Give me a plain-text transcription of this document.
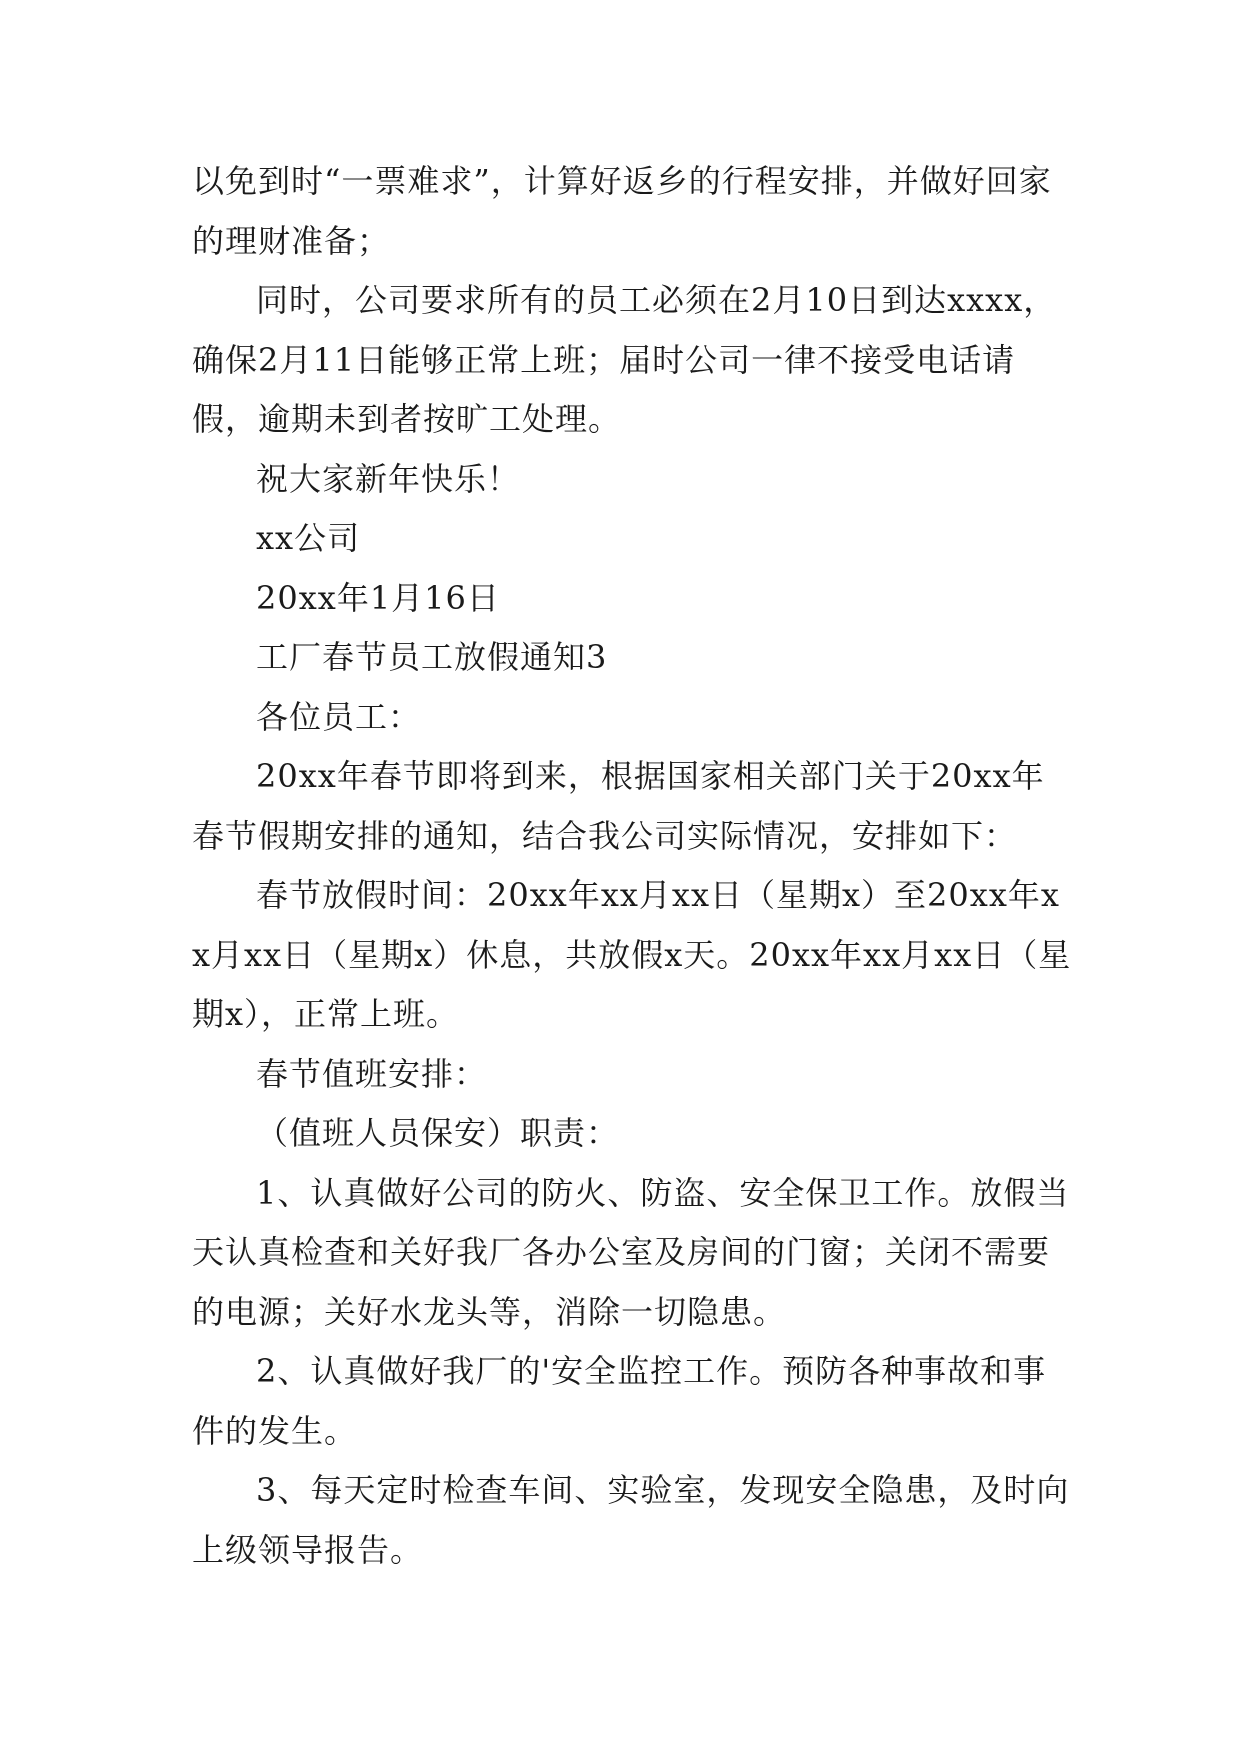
以免到时“一票难求”，计算好返乡的行程安排，并做好回家的理财准备；

同时，公司要求所有的员工必须在2月10日到达xxxx，确保2月11日能够正常上班；届时公司一律不接受电话请假，逾期未到者按旷工处理。

祝大家新年快乐！

xx公司

20xx年1月16日

工厂春节员工放假通知3

各位员工：

20xx年春节即将到来，根据国家相关部门关于20xx年春节假期安排的通知，结合我公司实际情况，安排如下：

春节放假时间：20xx年xx月xx日（星期x）至20xx年xx月xx日（星期x）休息，共放假x天。20xx年xx月xx日（星期x），正常上班。

春节值班安排：

（值班人员保安）职责：

1、认真做好公司的防火、防盗、安全保卫工作。放假当天认真检查和关好我厂各办公室及房间的门窗；关闭不需要的电源；关好水龙头等，消除一切隐患。

2、认真做好我厂的'安全监控工作。预防各种事故和事件的发生。

3、每天定时检查车间、实验室，发现安全隐患，及时向上级领导报告。
